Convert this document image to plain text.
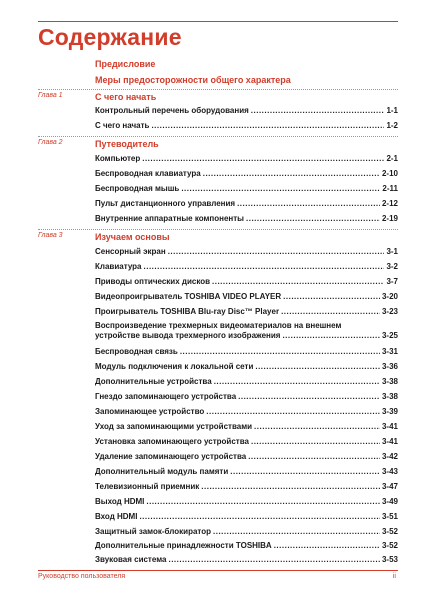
Содержание
Предисловие
Меры предосторожности общего характера
Глава 1	С чего начать
Контрольный перечень оборудования .....	1-1
С чего начать .....	1-2
Глава 2	Путеводитель
Компьютер .....	2-1
Беспроводная клавиатура .....	2-10
Беспроводная мышь .....	2-11
Пульт дистанционного управления .....	2-12
Внутренние аппаратные компоненты .....	2-19
Глава 3	Изучаем основы
Сенсорный экран .....	3-1
Клавиатура .....	3-2
Приводы оптических дисков .....	3-7
Видеопроигрыватель TOSHIBA VIDEO PLAYER .....	3-20
Проигрыватель TOSHIBA Blu-ray Disc™ Player .....	3-23
Воспроизведение трехмерных видеоматериалов на внешнем
устройстве вывода трехмерного изображения .....	3-25
Беспроводная связь .....	3-31
Модуль подключения к локальной сети .....	3-36
Дополнительные устройства .....	3-38
Гнездо запоминающего устройства .....	3-38
Запоминающее устройство .....	3-39
Уход за запоминающими устройствами .....	3-41
Установка запоминающего устройства .....	3-41
Удаление запоминающего устройства .....	3-42
Дополнительный модуль памяти .....	3-43
Телевизионный приемник .....	3-47
Выход HDMI .....	3-49
Вход HDMI .....	3-51
Защитный замок-блокиратор .....	3-52
Дополнительные принадлежности TOSHIBA .....	3-52
Звуковая система .....	3-53
Руководство пользователя	ii
